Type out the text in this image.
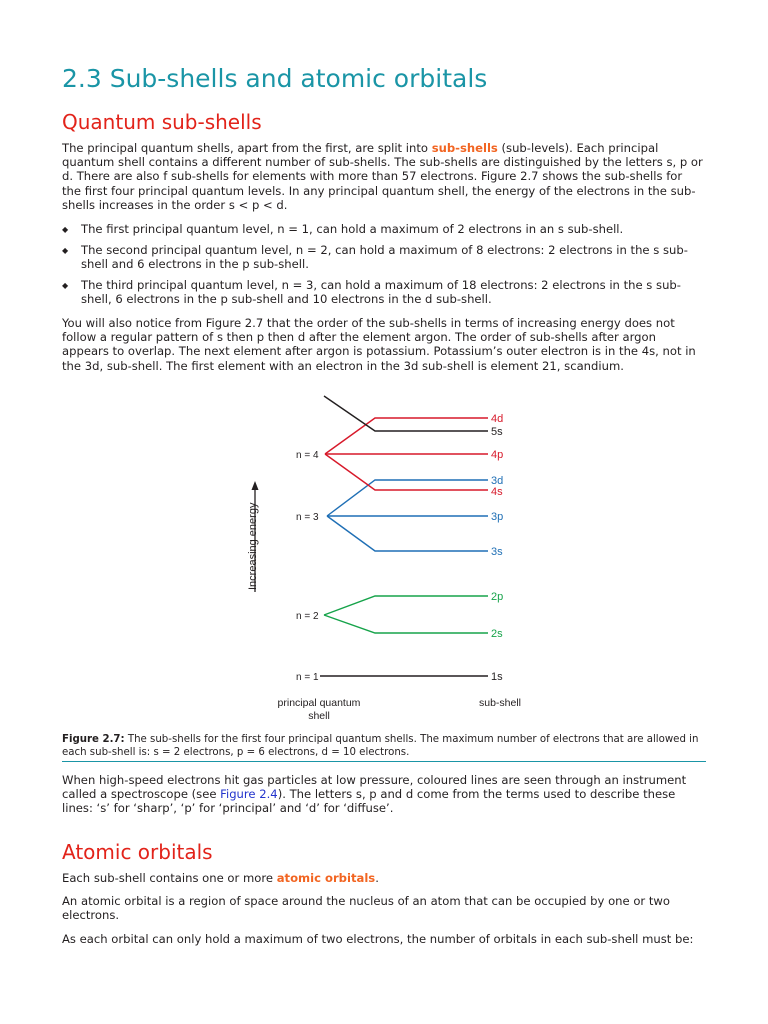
2.3 Sub-shells and atomic orbitals
Quantum sub-shells

The principal quantum shells, apart from the first, are split into sub-shells (sub-levels). Each principal quantum shell contains a different number of sub-shells. The sub-shells are distinguished by the letters s, p or d. There are also f sub-shells for elements with more than 57 electrons. Figure 2.7 shows the sub-shells for the first four principal quantum levels. In any principal quantum shell, the energy of the electrons in the sub-shells increases in the order s < p < d.

◆ The first principal quantum level, n = 1, can hold a maximum of 2 electrons in an s sub-shell.
◆ The second principal quantum level, n = 2, can hold a maximum of 8 electrons: 2 electrons in the s sub-shell and 6 electrons in the p sub-shell.
◆ The third principal quantum level, n = 3, can hold a maximum of 18 electrons: 2 electrons in the s sub-shell, 6 electrons in the p sub-shell and 10 electrons in the d sub-shell.

You will also notice from Figure 2.7 that the order of the sub-shells in terms of increasing energy does not follow a regular pattern of s then p then d after the element argon. The order of sub-shells after argon appears to overlap. The next element after argon is potassium. Potassium’s outer electron is in the 4s, not in the 3d, sub-shell. The first element with an electron in the 3d sub-shell is element 21, scandium.

Figure 2.7: The sub-shells for the first four principal quantum shells. The maximum number of electrons that are allowed in each sub-shell is: s = 2 electrons, p = 6 electrons, d = 10 electrons.

When high-speed electrons hit gas particles at low pressure, coloured lines are seen through an instrument called a spectroscope (see Figure 2.4). The letters s, p and d come from the terms used to describe these lines: ‘s’ for ‘sharp’, ‘p’ for ‘principal’ and ‘d’ for ‘diffuse’.

Atomic orbitals

Each sub-shell contains one or more atomic orbitals.

An atomic orbital is a region of space around the nucleus of an atom that can be occupied by one or two electrons.

As each orbital can only hold a maximum of two electrons, the number of orbitals in each sub-shell must be:

Increasing energy
n = 1	1s
n = 2
2p
2s
n = 3
3d
3p
3s
n = 4
4d
4p
4s
5s
principal quantum
shell
sub-shell
